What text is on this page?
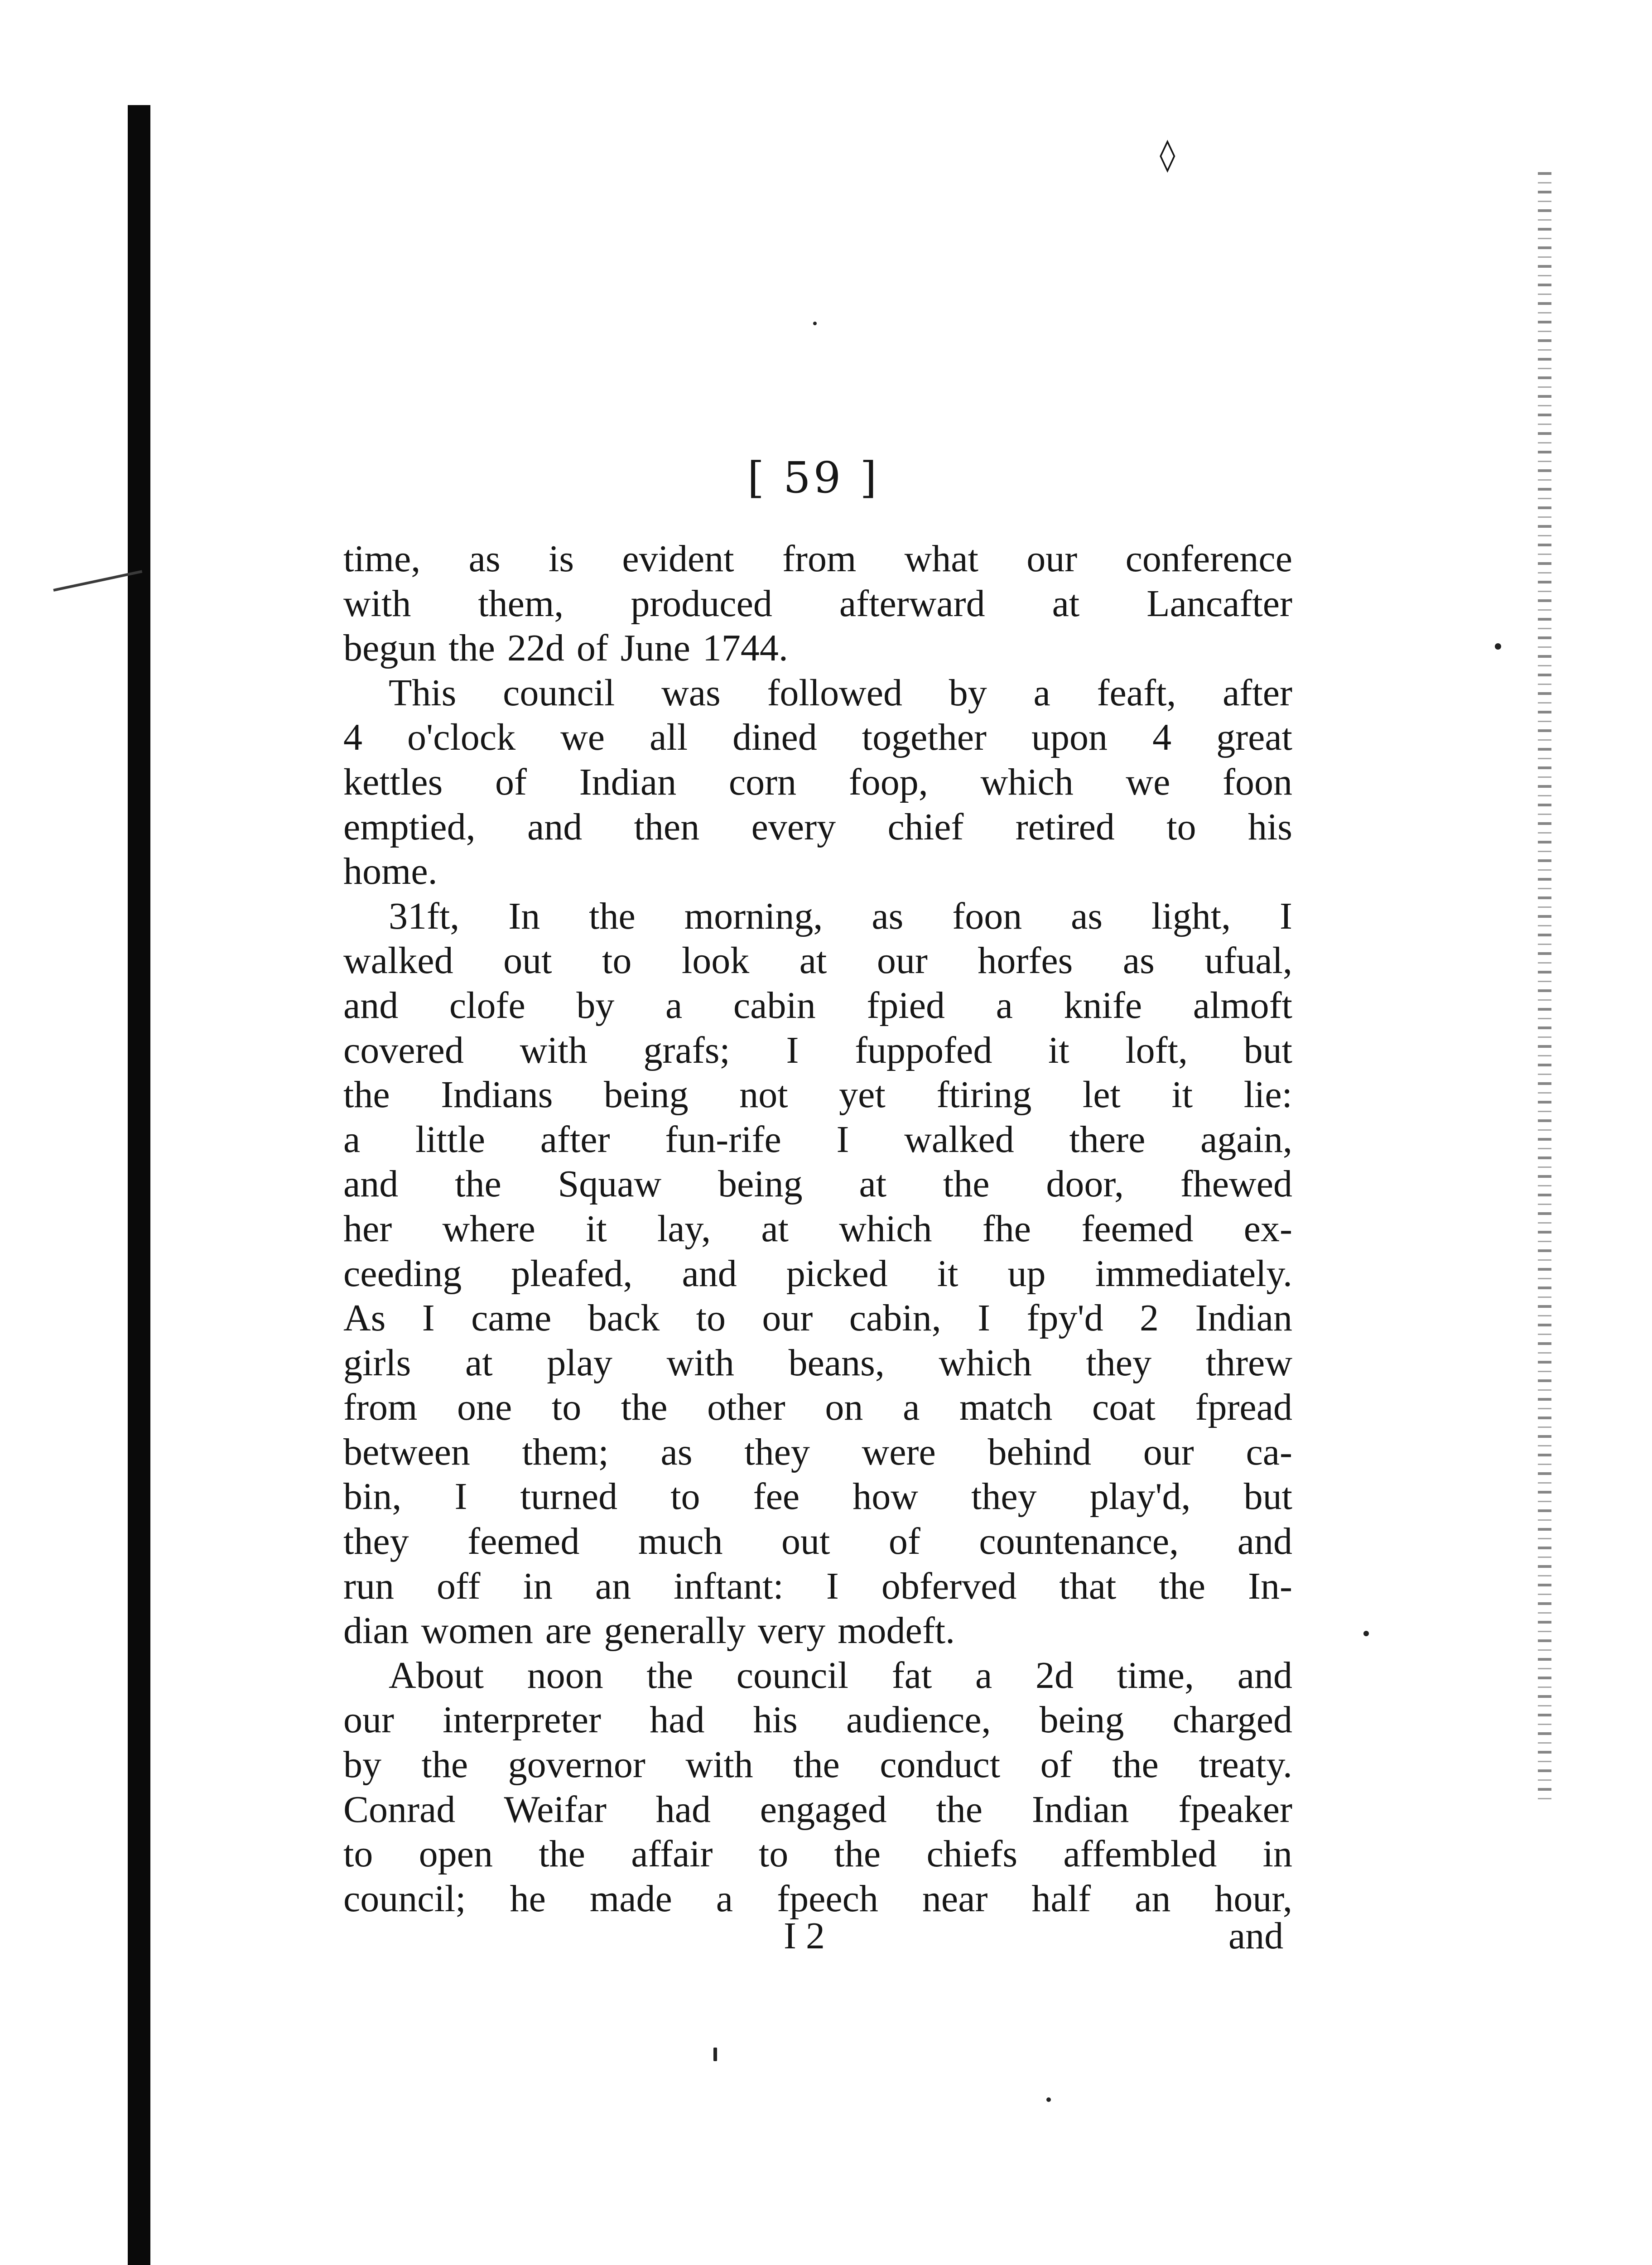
◊
[ 59 ]
time, as is evident from what our conference
with them, produced afterward at Lancafter
begun the 22d of June 1744.
This council was followed by a feaft, after
4 o'clock we all dined together upon 4 great
kettles of Indian corn foop, which we foon
emptied, and then every chief retired to his
home.
31ft, In the morning, as foon as light, I
walked out to look at our horfes as ufual,
and clofe by a cabin fpied a knife almoft
covered with grafs; I fuppofed it loft, but
the Indians being not yet ftiring let it lie:
a little after fun-rife I walked there again,
and the Squaw being at the door, fhewed
her where it lay, at which fhe feemed ex-
ceeding pleafed, and picked it up immediately.
As I came back to our cabin, I fpy'd 2 Indian
girls at play with beans, which they threw
from one to the other on a match coat fpread
between them; as they were behind our ca-
bin, I turned to fee how they play'd, but
they feemed much out of countenance, and
run off in an inftant: I obferved that the In-
dian women are generally very modeft.
About noon the council fat a 2d time, and
our interpreter had his audience, being charged
by the governor with the conduct of the treaty.
Conrad Weifar had engaged the Indian fpeaker
to open the affair to the chiefs affembled in
council; he made a fpeech near half an hour,
I 2	and
